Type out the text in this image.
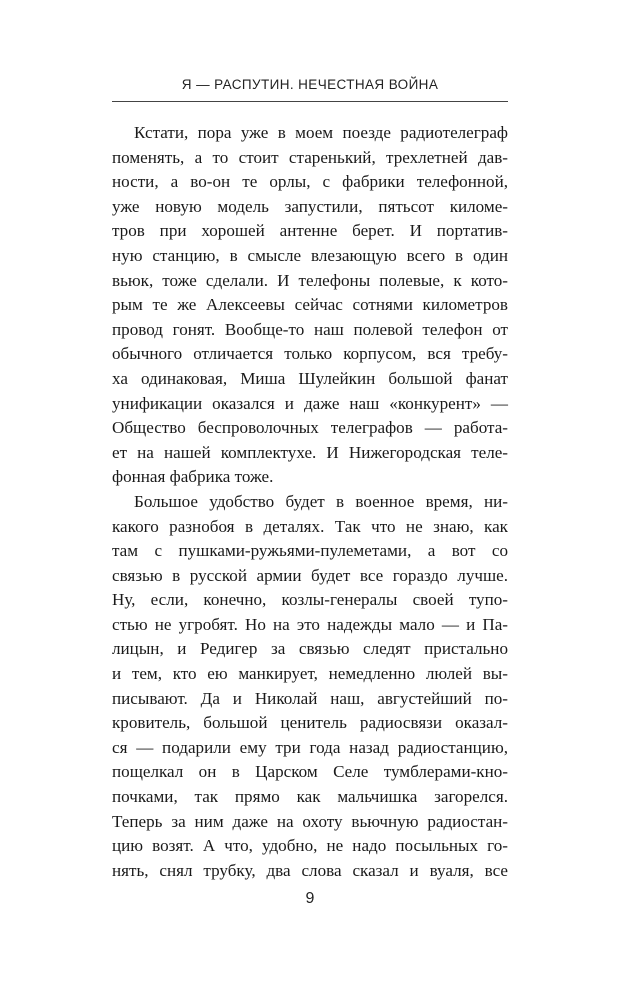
Я — РАСПУТИН. НЕЧЕСТНАЯ ВОЙНА
Кстати, пора уже в моем поезде радиотелеграф
поменять, а то стоит старенький, трехлетней дав-
ности, а во-он те орлы, с фабрики телефонной,
уже новую модель запустили, пятьсот киломе-
тров при хорошей антенне берет. И портатив-
ную станцию, в смысле влезающую всего в один
вьюк, тоже сделали. И телефоны полевые, к кото-
рым те же Алексеевы сейчас сотнями километров
провод гонят. Вообще-то наш полевой телефон от
обычного отличается только корпусом, вся требу-
ха одинаковая, Миша Шулейкин большой фанат
унификации оказался и даже наш «конкурент» —
Общество беспроволочных телеграфов — работа-
ет на нашей комплектухе. И Нижегородская теле-
фонная фабрика тоже.
Большое удобство будет в военное время, ни-
какого разнобоя в деталях. Так что не знаю, как
там с пушками-ружьями-пулеметами, а вот со
связью в русской армии будет все гораздо лучше.
Ну, если, конечно, козлы-генералы своей тупо-
стью не угробят. Но на это надежды мало — и Па-
лицын, и Редигер за связью следят пристально
и тем, кто ею манкирует, немедленно люлей вы-
писывают. Да и Николай наш, августейший по-
кровитель, большой ценитель радиосвязи оказал-
ся — подарили ему три года назад радиостанцию,
пощелкал он в Царском Селе тумблерами-кно-
почками, так прямо как мальчишка загорелся.
Теперь за ним даже на охоту вьючную радиостан-
цию возят. А что, удобно, не надо посыльных го-
нять, снял трубку, два слова сказал и вуаля, все
9
